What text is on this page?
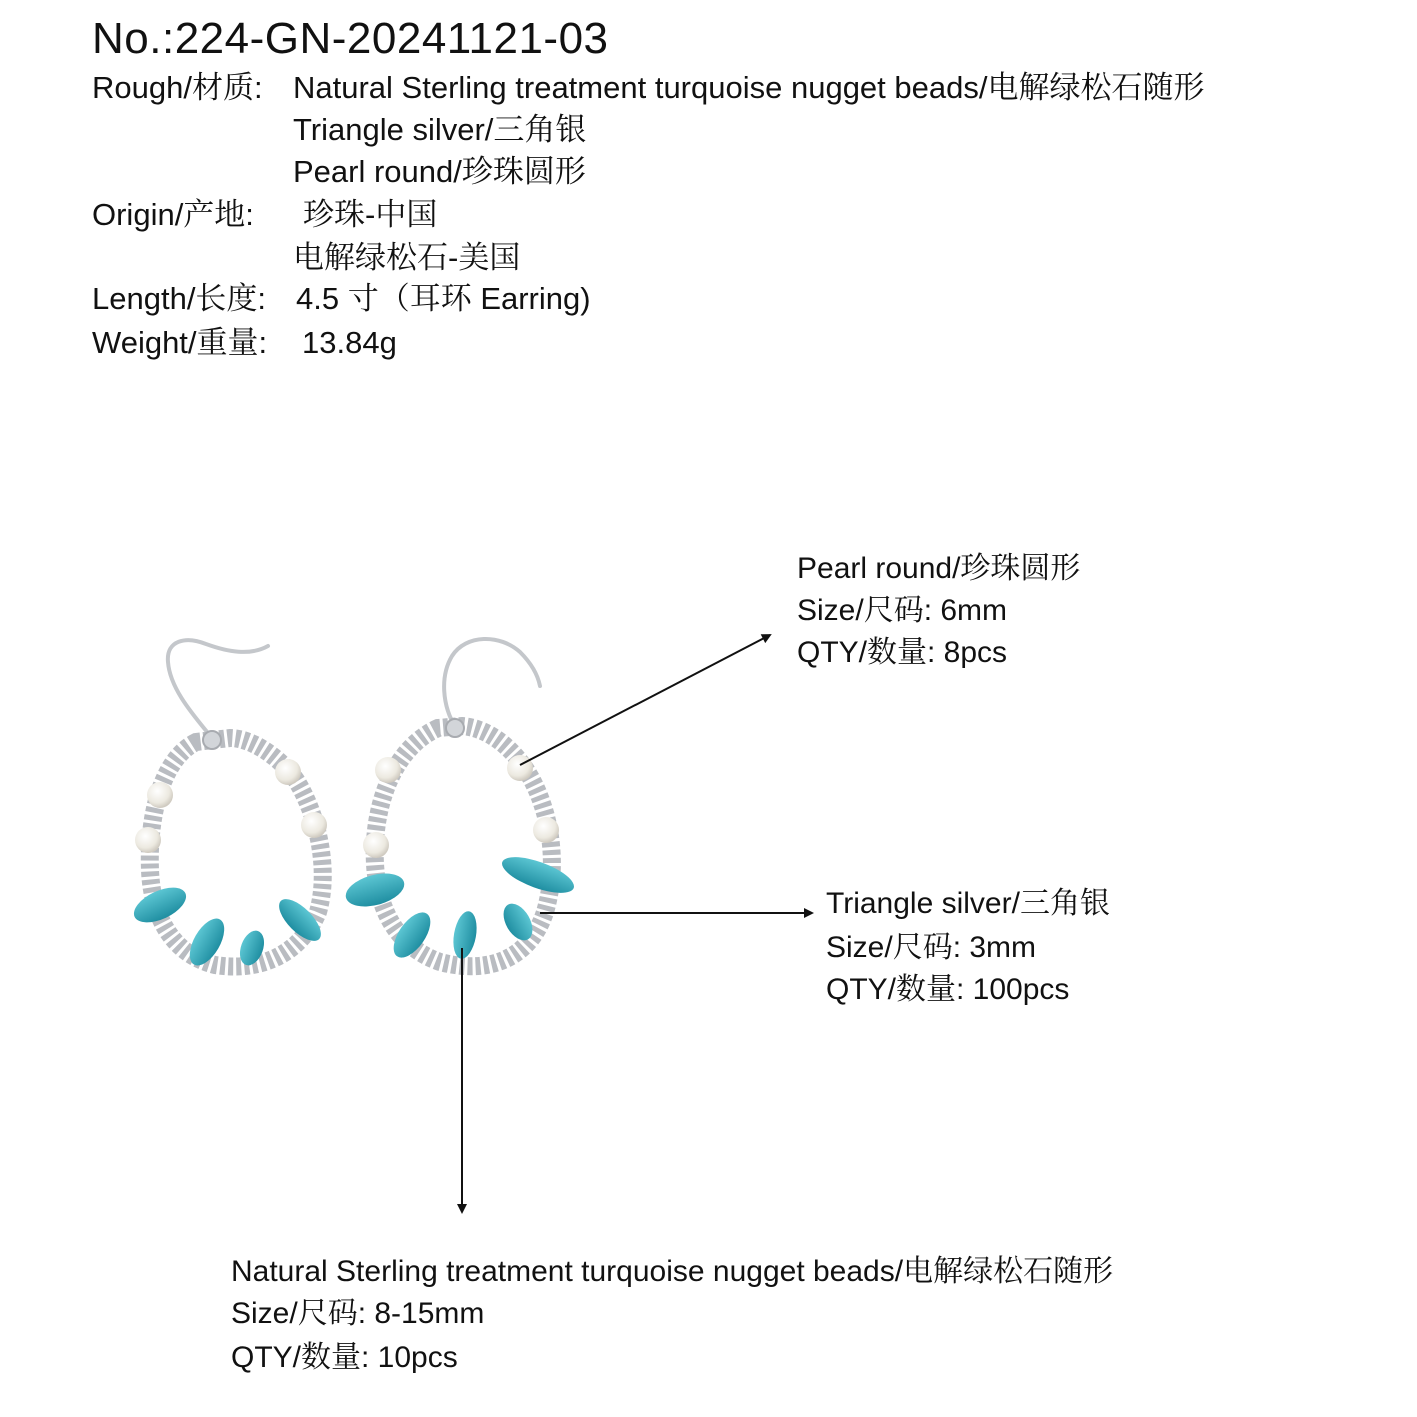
No.:224-GN-20241121-03
Rough/材质: Natural Sterling treatment turquoise nugget beads/电解绿松石随形
Triangle silver/三角银
Pearl round/珍珠圆形
Origin/产地: 珍珠-中国
电解绿松石-美国
Length/长度: 4.5 寸（耳环 Earring)
Weight/重量: 13.84g
Pearl round/珍珠圆形
Size/尺码: 6mm
QTY/数量: 8pcs
Triangle silver/三角银
Size/尺码: 3mm
QTY/数量: 100pcs
Natural Sterling treatment turquoise nugget beads/电解绿松石随形
Size/尺码: 8-15mm
QTY/数量: 10pcs
